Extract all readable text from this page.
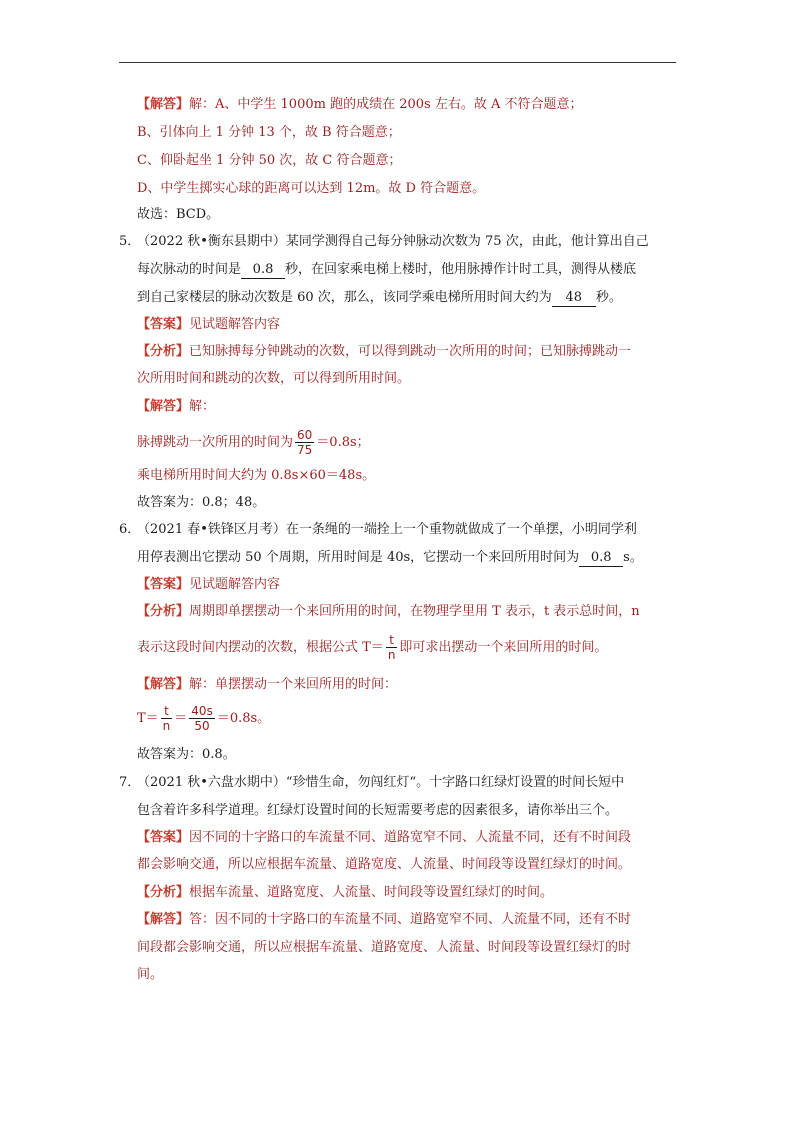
【解答】解：A、中学生 1000m 跑的成绩在 200s 左右。故 A 不符合题意；
B、引体向上 1 分钟 13 个，故 B 符合题意；
C、仰卧起坐 1 分钟 50 次，故 C 符合题意；
D、中学生掷实心球的距离可以达到 12m。故 D 符合题意。
故选：BCD。
5．
（2022 秋•衡东县期中）某同学测得自己每分钟脉动次数为 75 次，由此，他计算出自己
每次脉动的时间是 0.8 秒，在回家乘电梯上楼时，他用脉搏作计时工具，测得从楼底
到自己家楼层的脉动次数是 60 次，那么，该同学乘电梯所用时间大约为 48 秒。
【答案】见试题解答内容
【分析】已知脉搏每分钟跳动的次数，可以得到跳动一次所用的时间；已知脉搏跳动一
次所用时间和跳动的次数，可以得到所用时间。
【解答】解：
脉搏跳动一次所用的时间为 $\frac{60}{75} =0.8s$；
乘电梯所用时间大约为 0.8s×60＝48s。
故答案为：0.8；48。
6．
（2021 春•铁锋区月考）在一条绳的一端拴上一个重物就做成了一个单摆，小明同学利
用停表测出它摆动 50 个周期，所用时间是 40s，它摆动一个来回所用时间为 0.8 s。
【答案】见试题解答内容
【分析】周期即单摆摆动一个来回所用的时间，在物理学里用 T 表示，t 表示总时间，n
表示这段时间内摆动的次数，根据公式 $T= \frac{t}{n}$ 即可求出摆动一个来回所用的时间。
【解答】解：单摆摆动一个来回所用的时间：
$T= \frac{t}{n} = \frac{40s}{50} =0.8s$。
故答案为：0.8。
7．
（2021 秋•六盘水期中）“珍惜生命，勿闯红灯“。十字路口红绿灯设置的时间长短中
包含着许多科学道理。红绿灯设置时间的长短需要考虑的因素很多，请你举出三个。
【答案】因不同的十字路口的车流量不同、道路宽窄不同、人流量不同，还有不时间段
都会影响交通，所以应根据车流量、道路宽度、人流量、时间段等设置红绿灯的时间。
【分析】根据车流量、道路宽度、人流量、时间段等设置红绿灯的时间。
【解答】答：因不同的十字路口的车流量不同、道路宽窄不同、人流量不同，还有不时
间段都会影响交通，所以应根据车流量、道路宽度、人流量、时间段等设置红绿灯的时
间。
